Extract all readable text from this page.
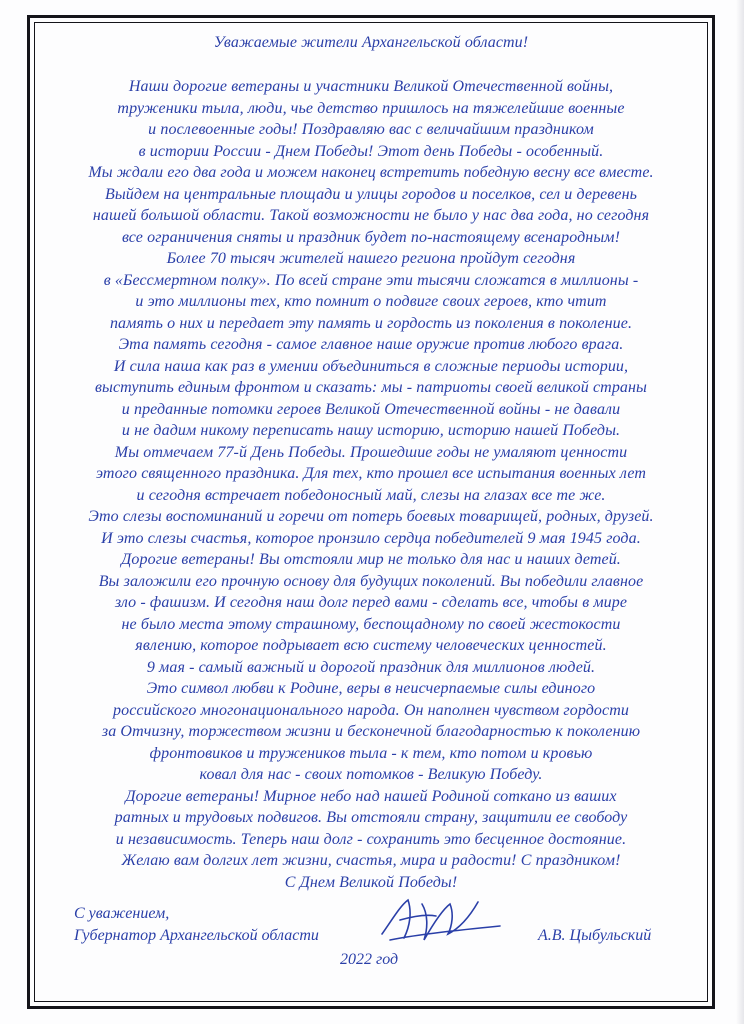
Уважаемые жители Архангельской области!
Наши дорогие ветераны и участники Великой Отечественной войны,
труженики тыла, люди, чье детство пришлось на тяжелейшие военные
и послевоенные годы! Поздравляю вас с величайшим праздником
в истории России - Днем Победы! Этот день Победы - особенный.
Мы ждали его два года и можем наконец встретить победную весну все вместе.
Выйдем на центральные площади и улицы городов и поселков, сел и деревень
нашей большой области. Такой возможности не было у нас два года, но сегодня
все ограничения сняты и праздник будет по-настоящему всенародным!
Более 70 тысяч жителей нашего региона пройдут сегодня
в «Бессмертном полку». По всей стране эти тысячи сложатся в миллионы -
и это миллионы тех, кто помнит о подвиге своих героев, кто чтит
память о них и передает эту память и гордость из поколения в поколение.
Эта память сегодня - самое главное наше оружие против любого врага.
И сила наша как раз в умении объединиться в сложные периоды истории,
выступить единым фронтом и сказать: мы - патриоты своей великой страны
и преданные потомки героев Великой Отечественной войны - не давали
и не дадим никому переписать нашу историю, историю нашей Победы.
Мы отмечаем 77-й День Победы. Прошедшие годы не умаляют ценности
этого священного праздника. Для тех, кто прошел все испытания военных лет
и сегодня встречает победоносный май, слезы на глазах все те же.
Это слезы воспоминаний и горечи от потерь боевых товарищей, родных, друзей.
И это слезы счастья, которое пронзило сердца победителей 9 мая 1945 года.
Дорогие ветераны! Вы отстояли мир не только для нас и наших детей.
Вы заложили его прочную основу для будущих поколений. Вы победили главное
зло - фашизм. И сегодня наш долг перед вами - сделать все, чтобы в мире
не было места этому страшному, беспощадному по своей жестокости
явлению, которое подрывает всю систему человеческих ценностей.
9 мая - самый важный и дорогой праздник для миллионов людей.
Это символ любви к Родине, веры в неисчерпаемые силы единого
российского многонационального народа. Он наполнен чувством гордости
за Отчизну, торжеством жизни и бесконечной благодарностью к поколению
фронтовиков и тружеников тыла - к тем, кто потом и кровью
ковал для нас - своих потомков - Великую Победу.
Дорогие ветераны! Мирное небо над нашей Родиной соткано из ваших
ратных и трудовых подвигов. Вы отстояли страну, защитили ее свободу
и независимость. Теперь наш долг - сохранить это бесценное достояние.
Желаю вам долгих лет жизни, счастья, мира и радости! С праздником!
С Днем Великой Победы!
С уважением,
Губернатор Архангельской области	А.В. Цыбульский
2022 год
